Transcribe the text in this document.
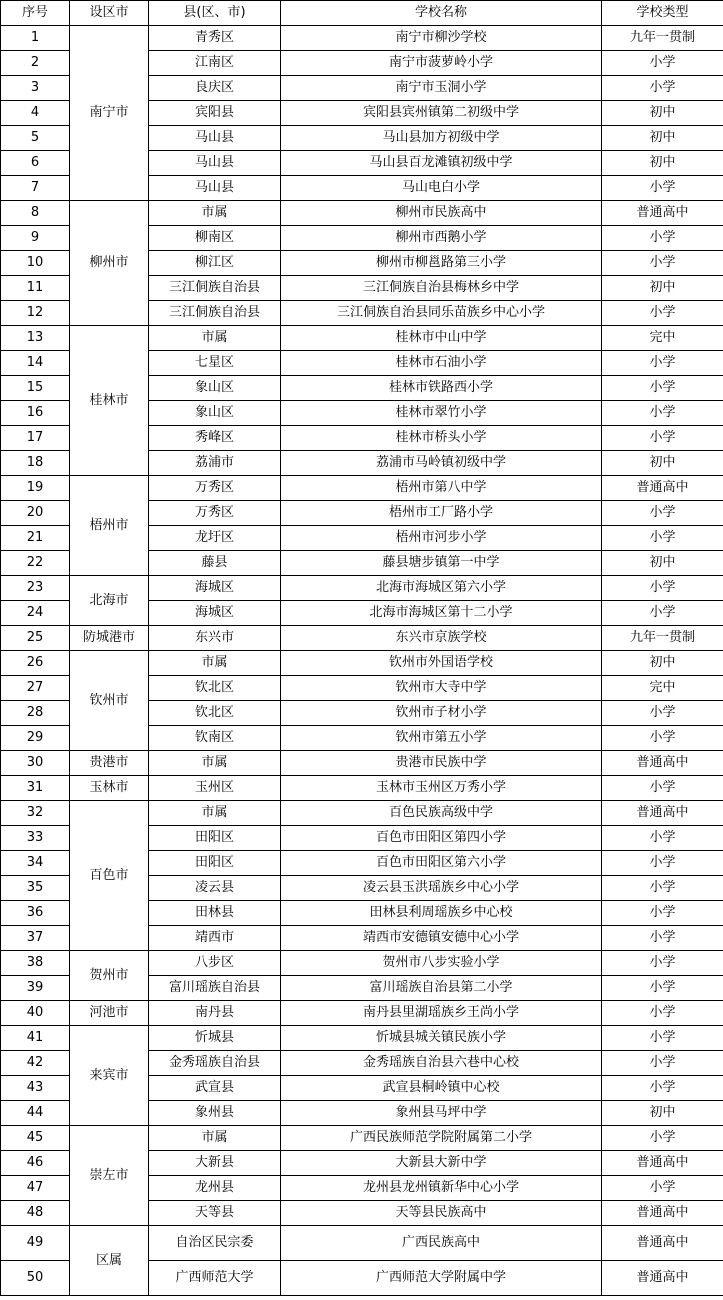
序号	设区市	县(区、市)	学校名称	学校类型
1	南宁市	青秀区	南宁市柳沙学校	九年一贯制
2		江南区	南宁市菠萝岭小学	小学
3		良庆区	南宁市玉洞小学	小学
4		宾阳县	宾阳县宾州镇第二初级中学	初中
5		马山县	马山县加方初级中学	初中
6		马山县	马山县百龙滩镇初级中学	初中
7		马山县	马山电白小学	小学
8	柳州市	市属	柳州市民族高中	普通高中
9		柳南区	柳州市西鹅小学	小学
10		柳江区	柳州市柳邕路第三小学	小学
11		三江侗族自治县	三江侗族自治县梅林乡中学	初中
12		三江侗族自治县	三江侗族自治县同乐苗族乡中心小学	小学
13	桂林市	市属	桂林市中山中学	完中
14		七星区	桂林市石油小学	小学
15		象山区	桂林市铁路西小学	小学
16		象山区	桂林市翠竹小学	小学
17		秀峰区	桂林市桥头小学	小学
18		荔浦市	荔浦市马岭镇初级中学	初中
19	梧州市	万秀区	梧州市第八中学	普通高中
20		万秀区	梧州市工厂路小学	小学
21		龙圩区	梧州市河步小学	小学
22		藤县	藤县塘步镇第一中学	初中
23	北海市	海城区	北海市海城区第六小学	小学
24		海城区	北海市海城区第十二小学	小学
25	防城港市	东兴市	东兴市京族学校	九年一贯制
26	钦州市	市属	钦州市外国语学校	初中
27		钦北区	钦州市大寺中学	完中
28		钦北区	钦州市子材小学	小学
29		钦南区	钦州市第五小学	小学
30	贵港市	市属	贵港市民族中学	普通高中
31	玉林市	玉州区	玉林市玉州区万秀小学	小学
32	百色市	市属	百色民族高级中学	普通高中
33		田阳区	百色市田阳区第四小学	小学
34		田阳区	百色市田阳区第六小学	小学
35		凌云县	凌云县玉洪瑶族乡中心小学	小学
36		田林县	田林县利周瑶族乡中心校	小学
37		靖西市	靖西市安德镇安德中心小学	小学
38	贺州市	八步区	贺州市八步实验小学	小学
39		富川瑶族自治县	富川瑶族自治县第二小学	小学
40	河池市	南丹县	南丹县里湖瑶族乡王尚小学	小学
41	来宾市	忻城县	忻城县城关镇民族小学	小学
42		金秀瑶族自治县	金秀瑶族自治县六巷中心校	小学
43		武宣县	武宣县桐岭镇中心校	小学
44		象州县	象州县马坪中学	初中
45	崇左市	市属	广西民族师范学院附属第二小学	小学
46		大新县	大新县大新中学	普通高中
47		龙州县	龙州县龙州镇新华中心小学	小学
48		天等县	天等县民族高中	普通高中
49	区属	自治区民宗委	广西民族高中	普通高中
50		广西师范大学	广西师范大学附属中学	普通高中
